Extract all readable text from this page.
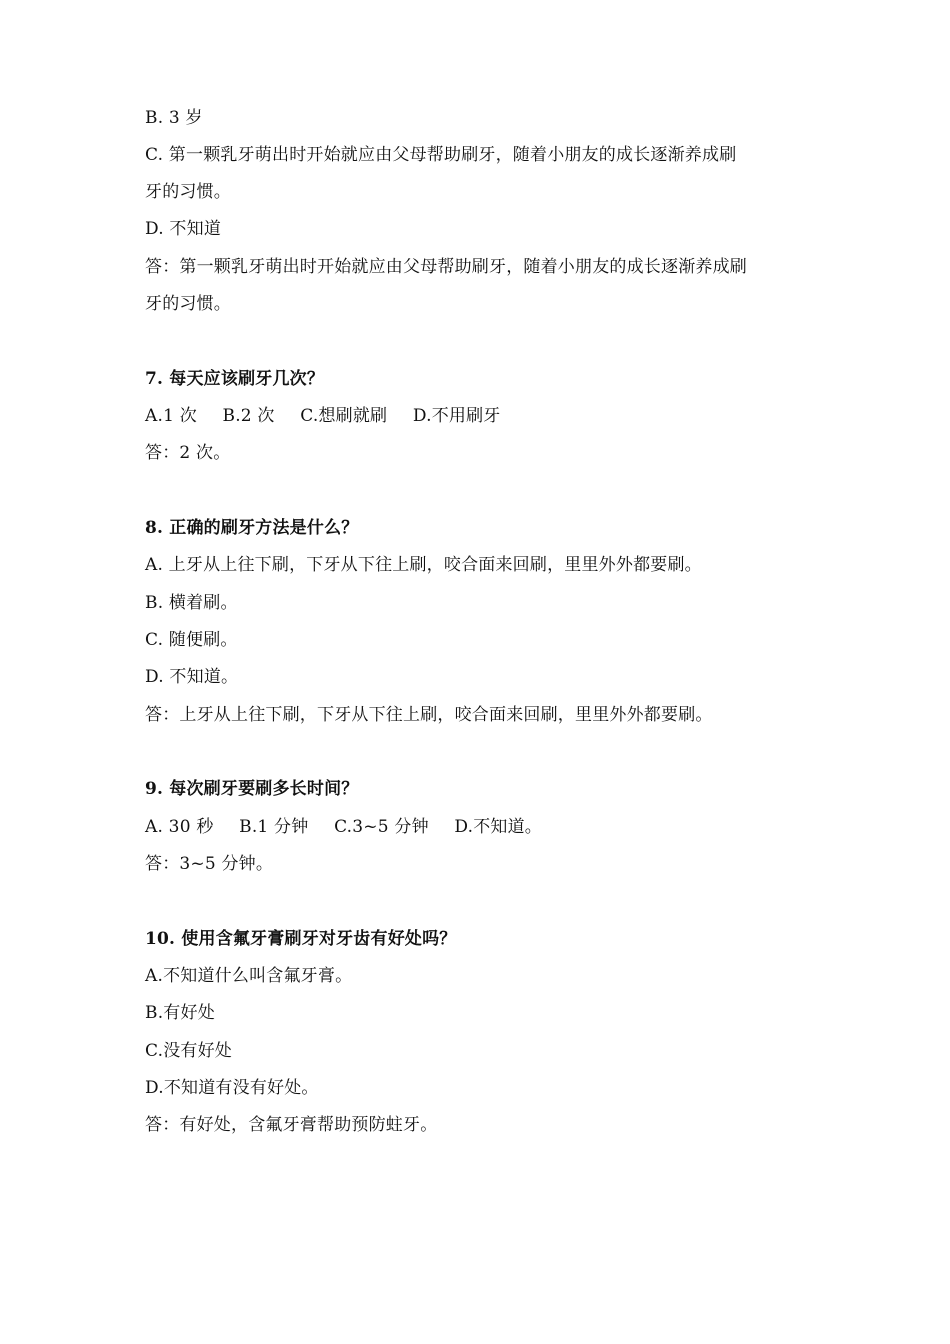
B. 3 岁
C. 第一颗乳牙萌出时开始就应由父母帮助刷牙，随着小朋友的成长逐渐养成刷
牙的习惯。
D. 不知道
答：第一颗乳牙萌出时开始就应由父母帮助刷牙，随着小朋友的成长逐渐养成刷
牙的习惯。
7. 每天应该刷牙几次？
A.1 次 B.2 次 C.想刷就刷 D.不用刷牙
答：2 次。
8. 正确的刷牙方法是什么？
A. 上牙从上往下刷，下牙从下往上刷，咬合面来回刷，里里外外都要刷。
B. 横着刷。
C. 随便刷。
D. 不知道。
答：上牙从上往下刷，下牙从下往上刷，咬合面来回刷，里里外外都要刷。
9. 每次刷牙要刷多长时间？
A. 30 秒 B.1 分钟 C.3~5 分钟 D.不知道。
答：3~5 分钟。
10. 使用含氟牙膏刷牙对牙齿有好处吗？
A.不知道什么叫含氟牙膏。
B.有好处
C.没有好处
D.不知道有没有好处。
答：有好处，含氟牙膏帮助预防蛀牙。
